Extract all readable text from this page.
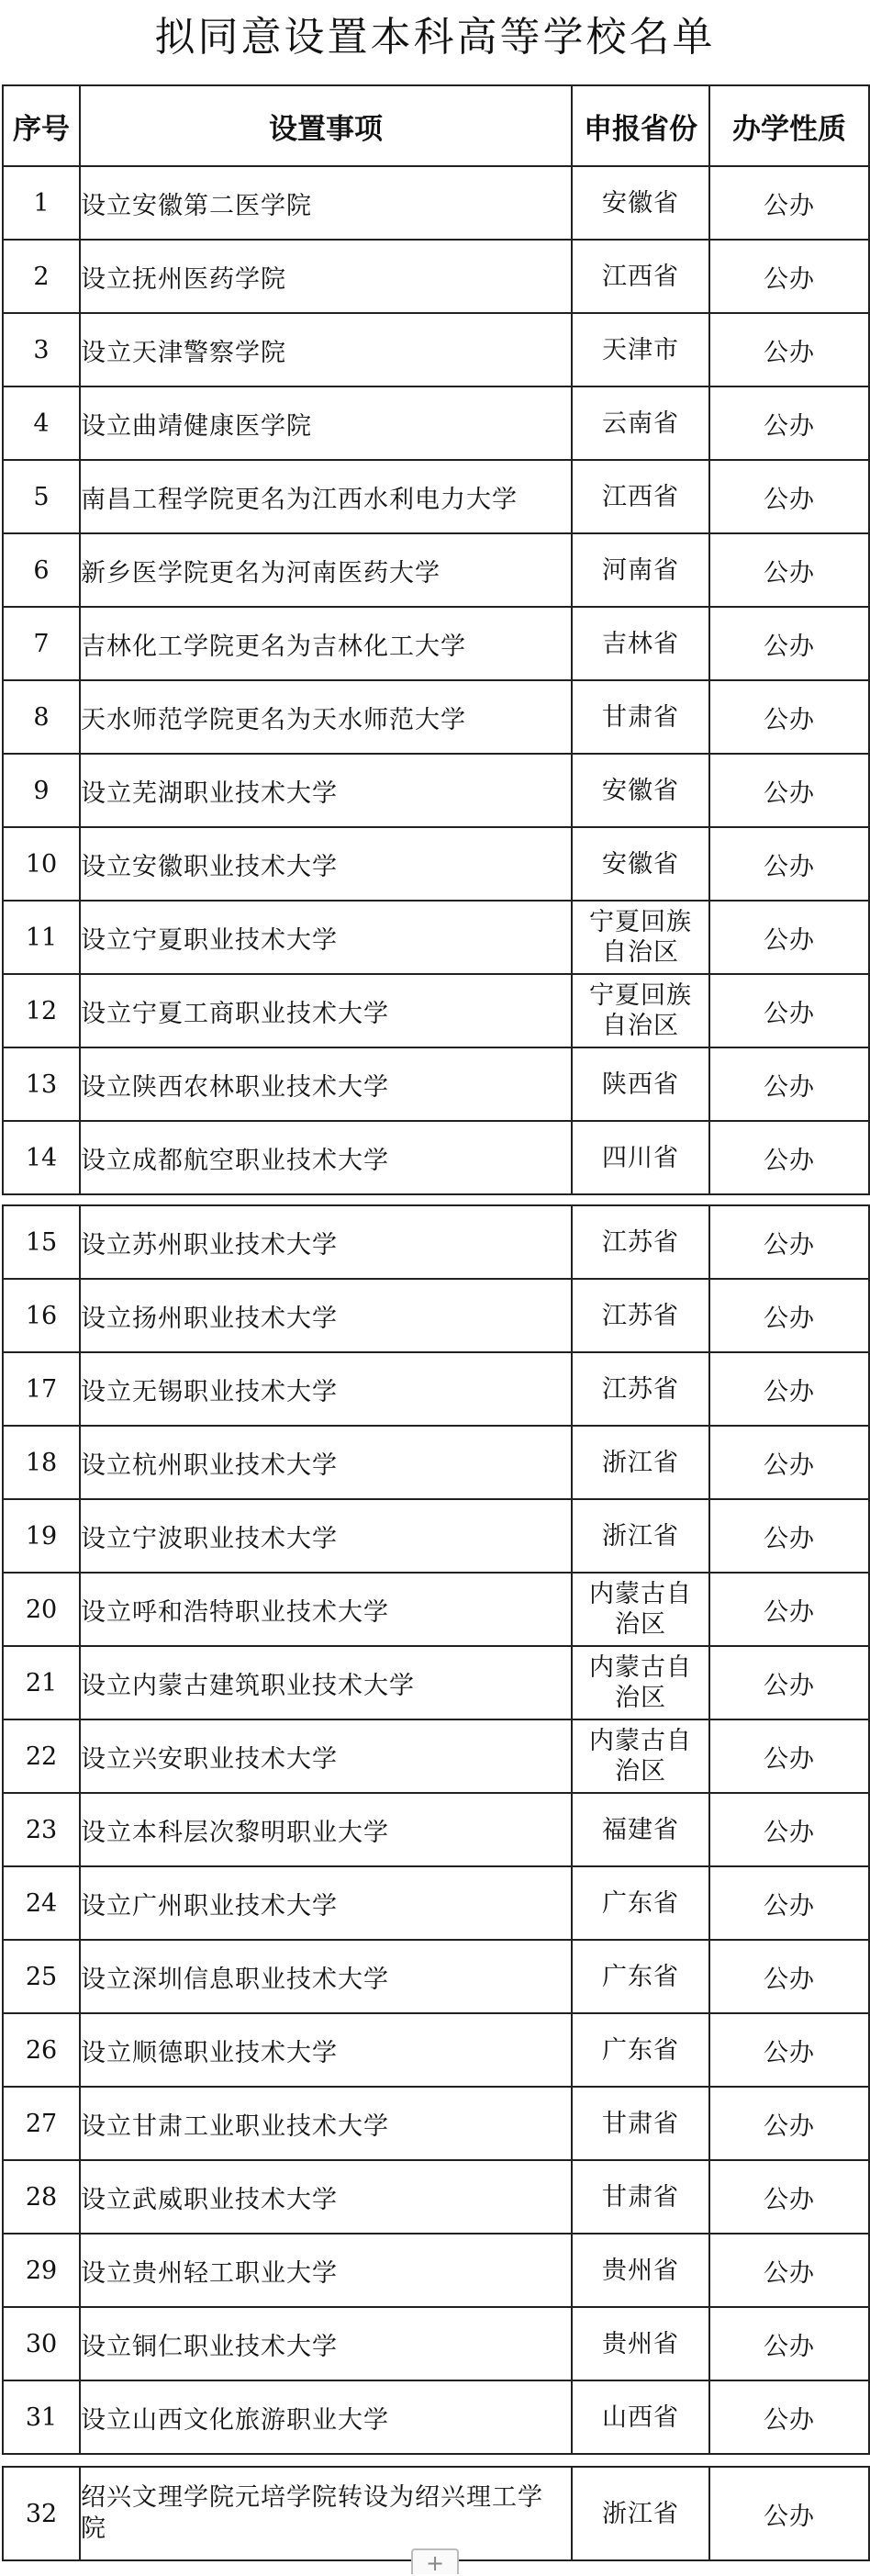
拟同意设置本科高等学校名单
序号	设置事项	申报省份	办学性质
1	设立安徽第二医学院	安徽省	公办
2	设立抚州医药学院	江西省	公办
3	设立天津警察学院	天津市	公办
4	设立曲靖健康医学院	云南省	公办
5	南昌工程学院更名为江西水利电力大学	江西省	公办
6	新乡医学院更名为河南医药大学	河南省	公办
7	吉林化工学院更名为吉林化工大学	吉林省	公办
8	天水师范学院更名为天水师范大学	甘肃省	公办
9	设立芜湖职业技术大学	安徽省	公办
10	设立安徽职业技术大学	安徽省	公办
11	设立宁夏职业技术大学	宁夏回族自治区	公办
12	设立宁夏工商职业技术大学	宁夏回族自治区	公办
13	设立陕西农林职业技术大学	陕西省	公办
14	设立成都航空职业技术大学	四川省	公办
15	设立苏州职业技术大学	江苏省	公办
16	设立扬州职业技术大学	江苏省	公办
17	设立无锡职业技术大学	江苏省	公办
18	设立杭州职业技术大学	浙江省	公办
19	设立宁波职业技术大学	浙江省	公办
20	设立呼和浩特职业技术大学	内蒙古自治区	公办
21	设立内蒙古建筑职业技术大学	内蒙古自治区	公办
22	设立兴安职业技术大学	内蒙古自治区	公办
23	设立本科层次黎明职业大学	福建省	公办
24	设立广州职业技术大学	广东省	公办
25	设立深圳信息职业技术大学	广东省	公办
26	设立顺德职业技术大学	广东省	公办
27	设立甘肃工业职业技术大学	甘肃省	公办
28	设立武威职业技术大学	甘肃省	公办
29	设立贵州轻工职业大学	贵州省	公办
30	设立铜仁职业技术大学	贵州省	公办
31	设立山西文化旅游职业大学	山西省	公办
32	绍兴文理学院元培学院转设为绍兴理工学院	浙江省	公办
+
